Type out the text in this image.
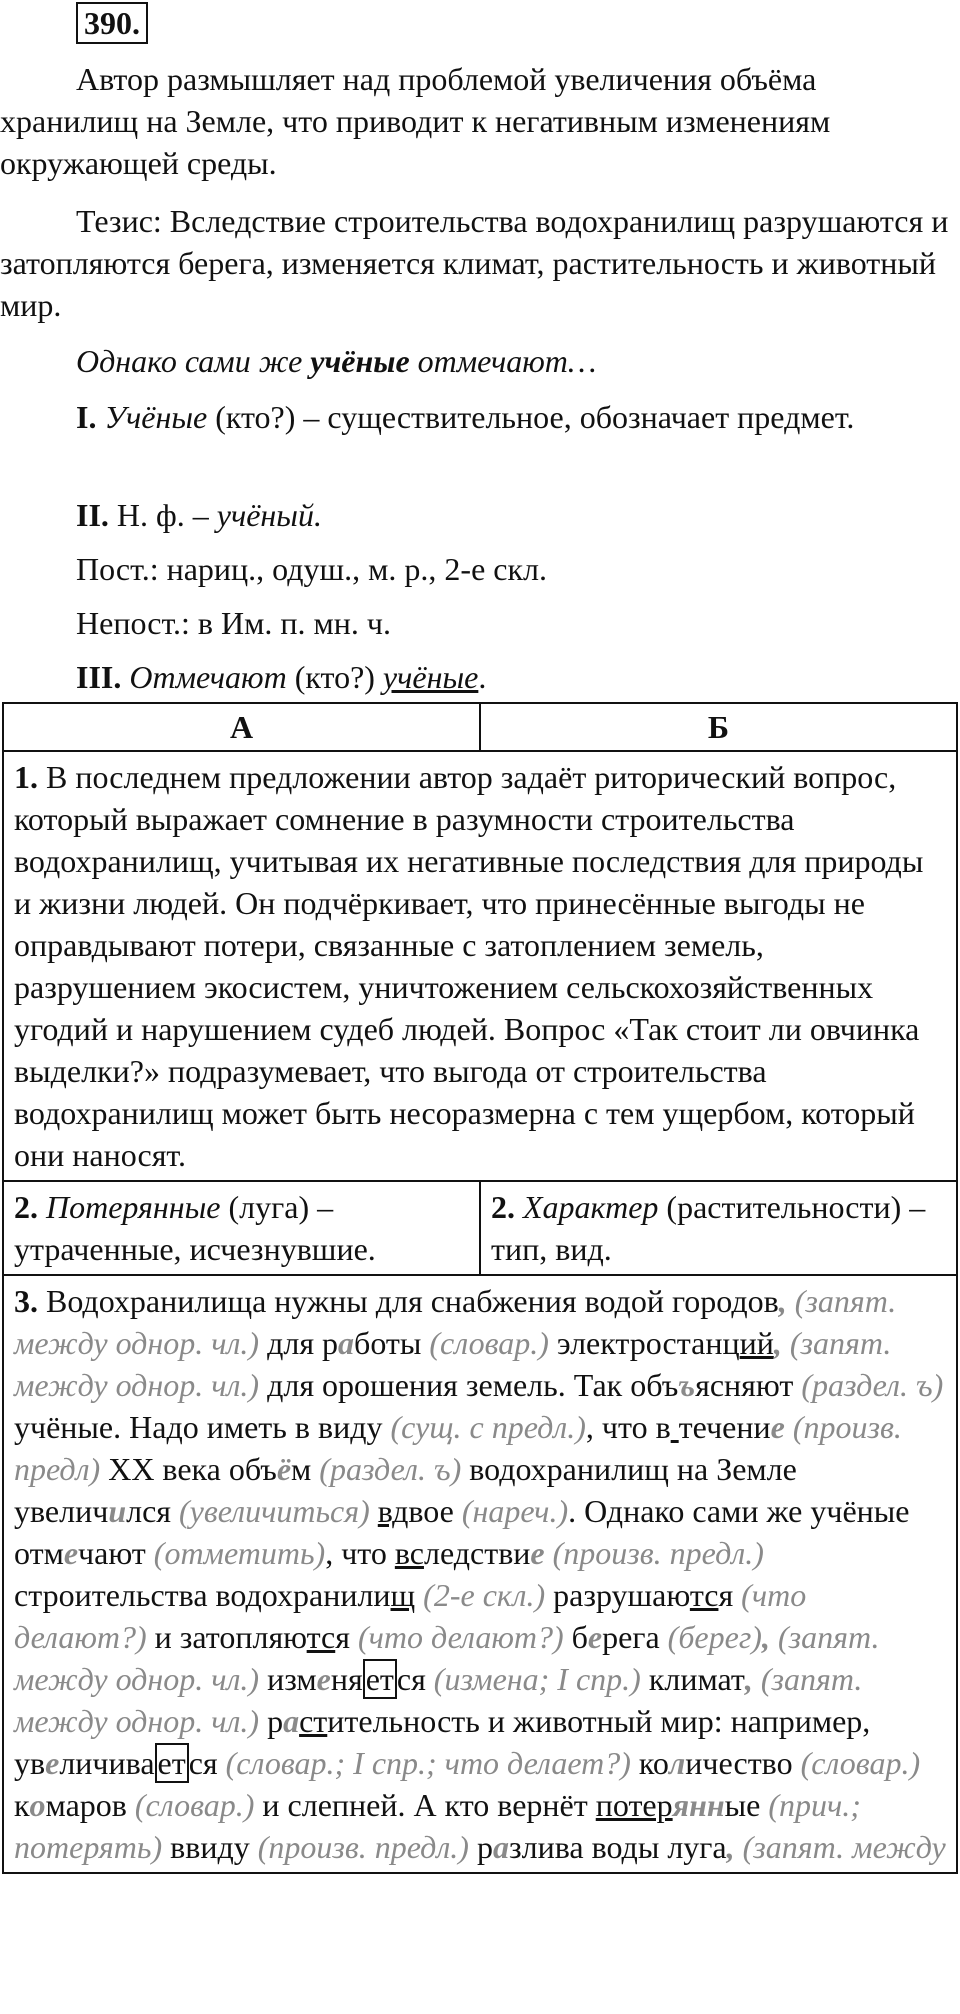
390.

Автор размышляет над проблемой увеличения объёма хранилищ на Земле, что приводит к негативным изменениям окружающей среды.

Тезис: Вследствие строительства водохранилищ разрушаются и затопляются берега, изменяется климат, растительность и животный мир.

Однако сами же учёные отмечают…

I. Учёные (кто?) – существительное, обозначает предмет.

II. Н. ф. – учёный.

Пост.: нариц., одуш., м. р., 2-е скл.

Непост.: в Им. п. мн. ч.

III. Отмечают (кто?) учёные.

А	Б

1. В последнем предложении автор задаёт риторический вопрос, который выражает сомнение в разумности строительства водохранилищ, учитывая их негативные последствия для природы и жизни людей. Он подчёркивает, что принесённые выгоды не оправдывают потери, связанные с затоплением земель, разрушением экосистем, уничтожением сельскохозяйственных угодий и нарушением судеб людей. Вопрос «Так стоит ли овчинка выделки?» подразумевает, что выгода от строительства водохранилищ может быть несоразмерна с тем ущербом, который они наносят.	

2. Потерянные (луга) – утраченные, исчезнувшие.	2. Характер (растительности) – тип, вид.

3. Водохранилища нужны для снабжения водой городов, (запят. между однор. чл.) для работы (словар.) электростанций, (запят. между однор. чл.) для орошения земель. Так объъясняют (раздел. ъ) учёные. Надо иметь в виду (сущ. с предл.), что в течение (произв. предл) XX века объём (раздел. ъ) водохранилищ на Земле увеличился (увеличиться) вдвое (нареч.). Однако сами же учёные отмечают (отметить), что вследствие (произв. предл.) строительства водохранилищ (2-е скл.) разрушаются (что делают?) и затопляются (что делают?) берега (берег), (запят. между однор. чл.) изменяется (измена; I спр.) климат, (запят. между однор. чл.) растительность и животный мир: например, увеличивается (словар.; I спр.; что делает?) количество (словар.) комаров (словар.) и слепней. А кто вернёт потерянные (прич.; потерять) ввиду (произв. предл.) разлива воды луга, (запят. между	
